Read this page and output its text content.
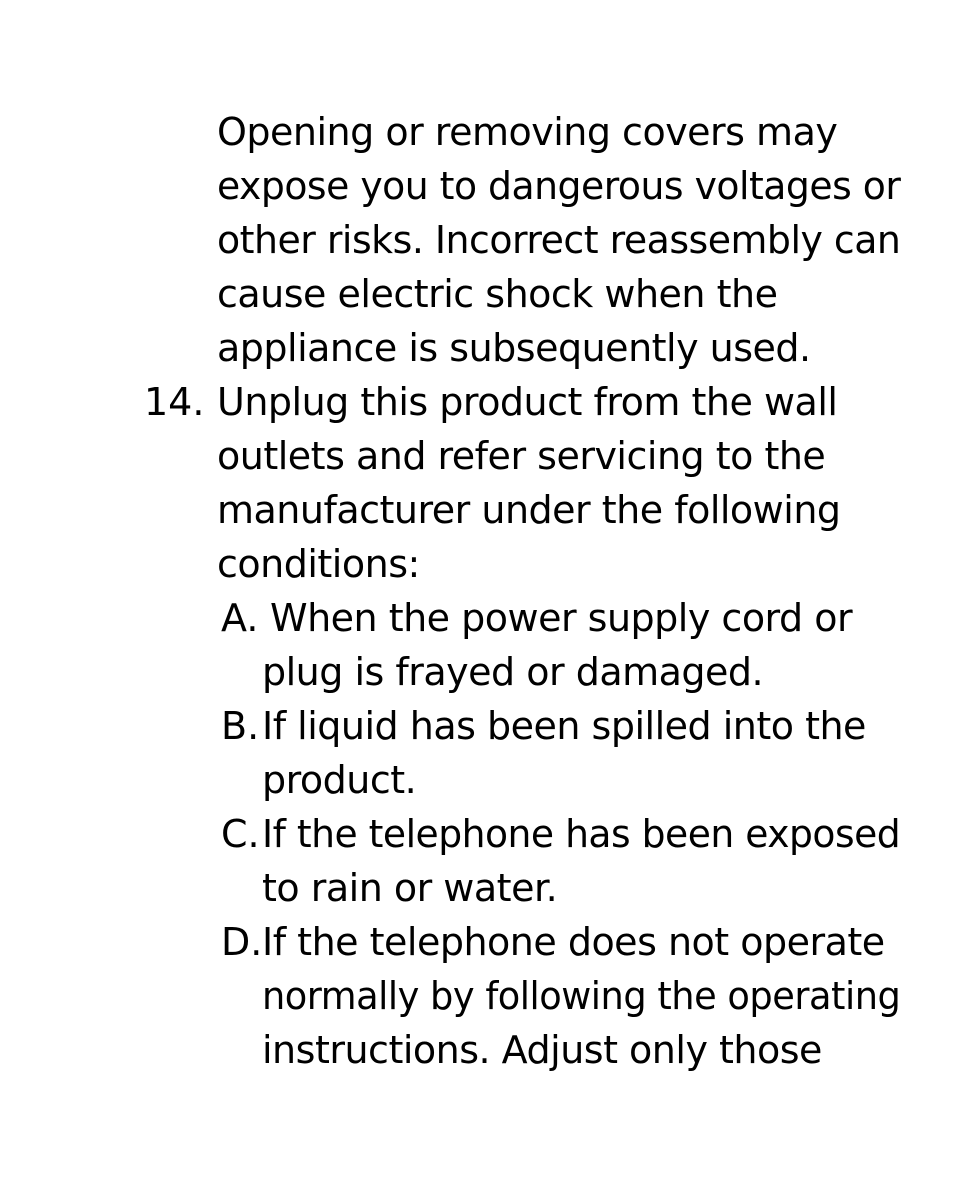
Opening or removing covers may
expose you to dangerous voltages or
other risks. Incorrect reassembly can
cause electric shock when the
appliance is subsequently used.
14. Unplug this product from the wall
outlets and refer servicing to the
manufacturer under the following
conditions:
A. When the power supply cord or
plug is frayed or damaged.
B. If liquid has been spilled into the
product.
C. If the telephone has been exposed
to rain or water.
D. If the telephone does not operate
normally by following the operating
instructions. Adjust only those
